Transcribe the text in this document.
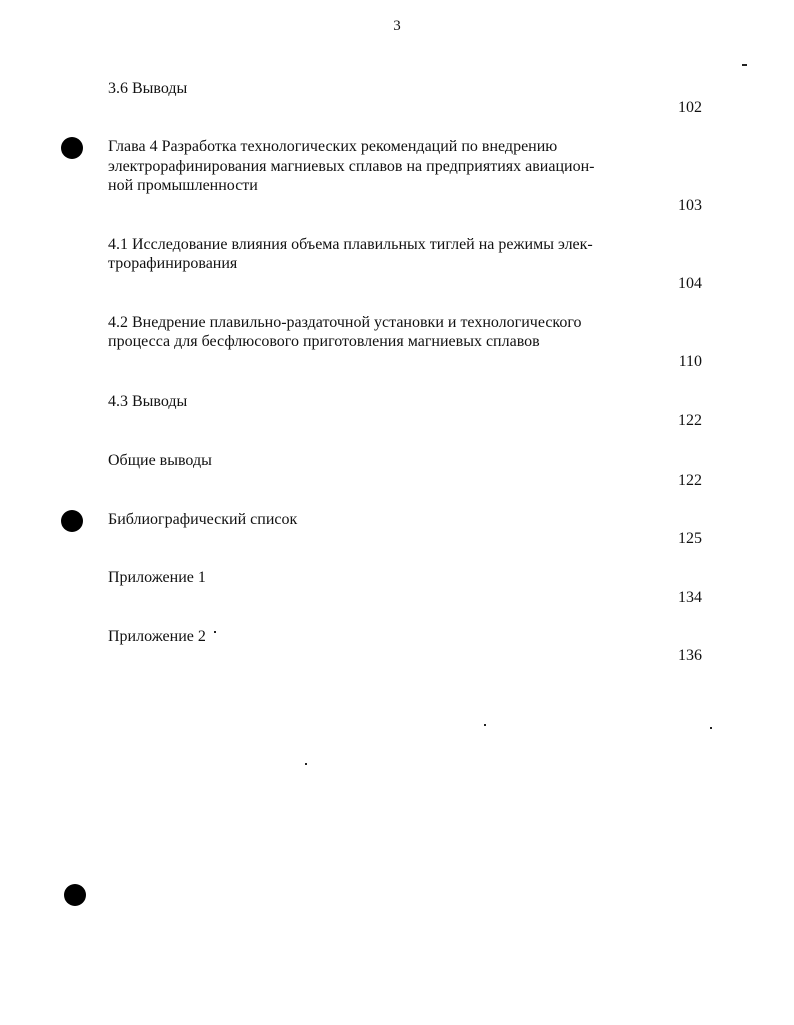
3

3.6 Выводы

102

Глава 4 Разработка технологических рекомендаций по внедрению
электрорафинирования магниевых сплавов на предприятиях авиацион-
ной промышленности

103

4.1 Исследование влияния объема плавильных тиглей на режимы элек-
трорафинирования

104

4.2 Внедрение плавильно-раздаточной установки и технологического
процесса для бесфлюсового приготовления магниевых сплавов

110

4.3 Выводы

122

Общие выводы

122

Библиографический список

125

Приложение 1

134

Приложение 2

136
